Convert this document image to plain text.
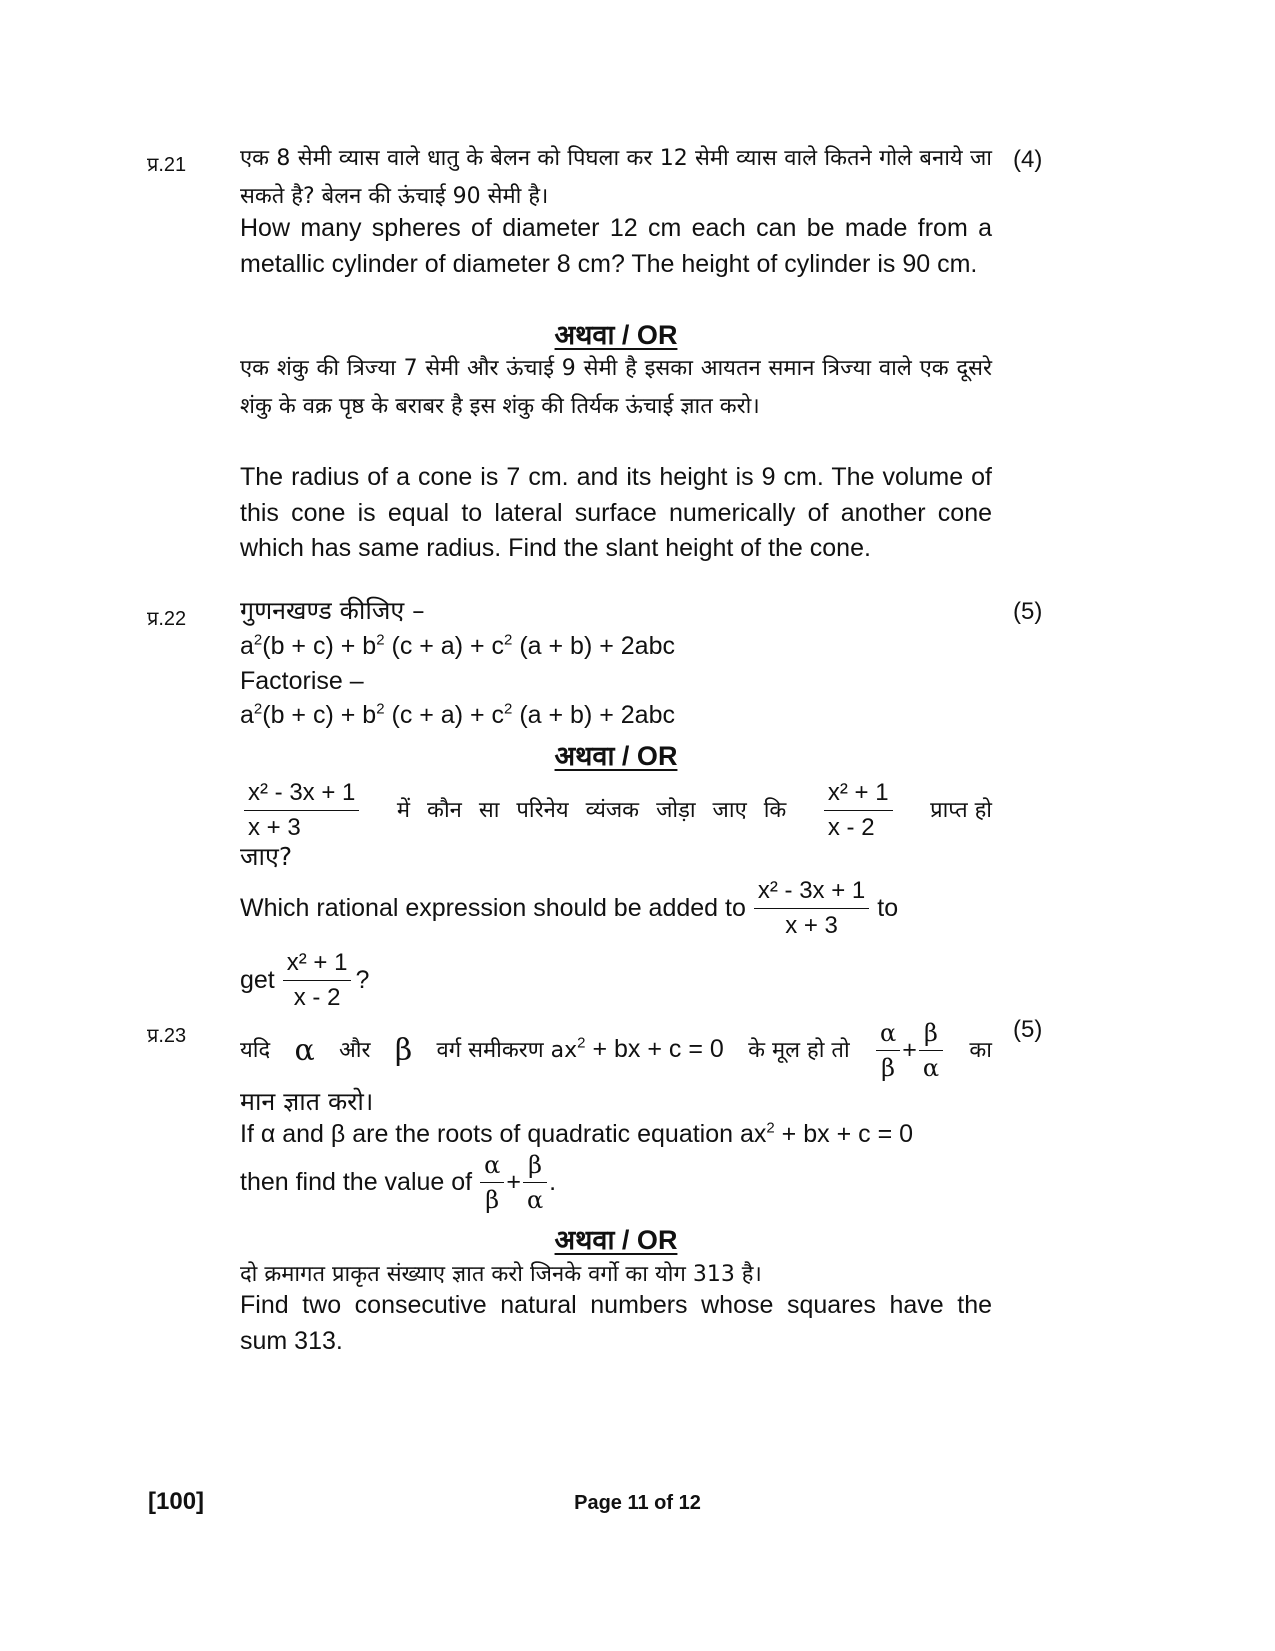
प्र.21	(4)
एक 8 सेमी व्यास वाले धातु के बेलन को पिघला कर 12 सेमी व्यास वाले कितने गोले बनाये जा सकते है? बेलन की ऊंचाई 90 सेमी है।
How many spheres of diameter 12 cm each can be made from a metallic cylinder of diameter 8 cm? The height of cylinder is 90 cm.
अथवा / OR
एक शंकु की त्रिज्या 7 सेमी और ऊंचाई 9 सेमी है इसका आयतन समान त्रिज्या वाले एक दूसरे शंकु के वक्र पृष्ठ के बराबर है इस शंकु की तिर्यक ऊंचाई ज्ञात करो।
The radius of a cone is 7 cm. and its height is 9 cm. The volume of this cone is equal to lateral surface numerically of another cone which has same radius. Find the slant height of the cone.
प्र.22	(5)
गुणनखण्ड कीजिए –
$a^2(b + c) + b^2$ $(c + a) + c^2$ (a + b) + 2abc
Factorise –
$a^2(b + c) + b^2$ $(c + a) + c^2$ (a + b) + 2abc
अथवा / OR
$\frac{\text{x² - 3x + 1}}{x + 3}$ में कौन सा परिनेय व्यंजक जोड़ा जाए कि $\frac{\text{x² + 1}}{x - 2}$ प्राप्त हो
जाए?
Which rational expression should be added to $\frac{\text{x² - 3x + 1}}{x + 3}$ to
get $\frac{\text{x² + 1}}{x - 2}$ ?
प्र.23	(5)
यदि α और β वर्ग समीकरण $ax^2$ + bx + c = 0 के मूल हो तो $\frac{\alpha}{\beta} + \frac{\beta}{\alpha}$ का
मान ज्ञात करो।
If α and β are the roots of quadratic equation $ax^2$ + bx + c = 0
then find the value of $\frac{\alpha}{\beta} + \frac{\beta}{\alpha}$ .
अथवा / OR
दो क्रमागत प्राकृत संख्याए ज्ञात करो जिनके वर्गो का योग 313 है।
Find two consecutive natural numbers whose squares have the sum 313.
[100]	Page 11 of 12
